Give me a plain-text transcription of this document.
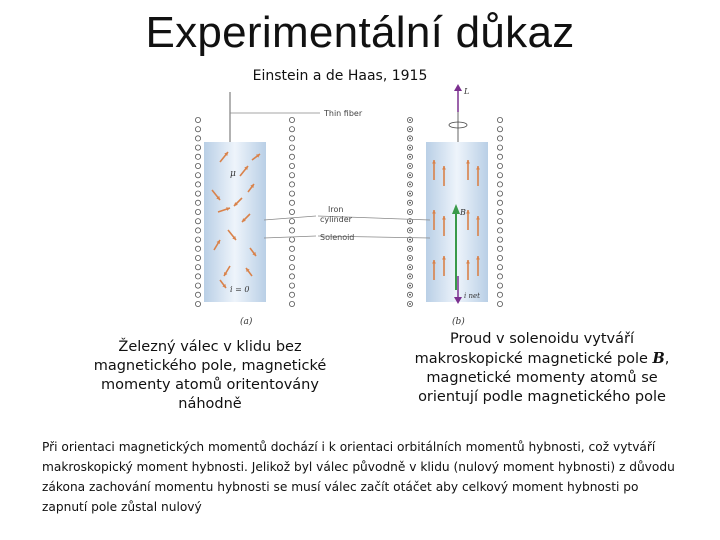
Experimentální důkaz
Einstein a de Haas, 1915
Thin fiber
L
B
i net
μ
i = 0
Iron
cylinder
Solenoid
(a)	(b)
Železný válec v klidu bez magnetického pole, magnetické momenty atomů oritentovány náhodně
Proud v solenoidu vytváří makroskopické magnetické pole B, magnetické momenty atomů se orientují podle magnetického pole
Při orientaci magnetických momentů dochází i k orientaci orbitálních momentů hybnosti, což vytváří makroskopický moment hybnosti. Jelikož byl válec původně v klidu (nulový moment hybnosti) z důvodu zákona zachování momentu hybnosti se musí válec začít otáčet aby celkový moment hybnosti po zapnutí pole zůstal nulový
